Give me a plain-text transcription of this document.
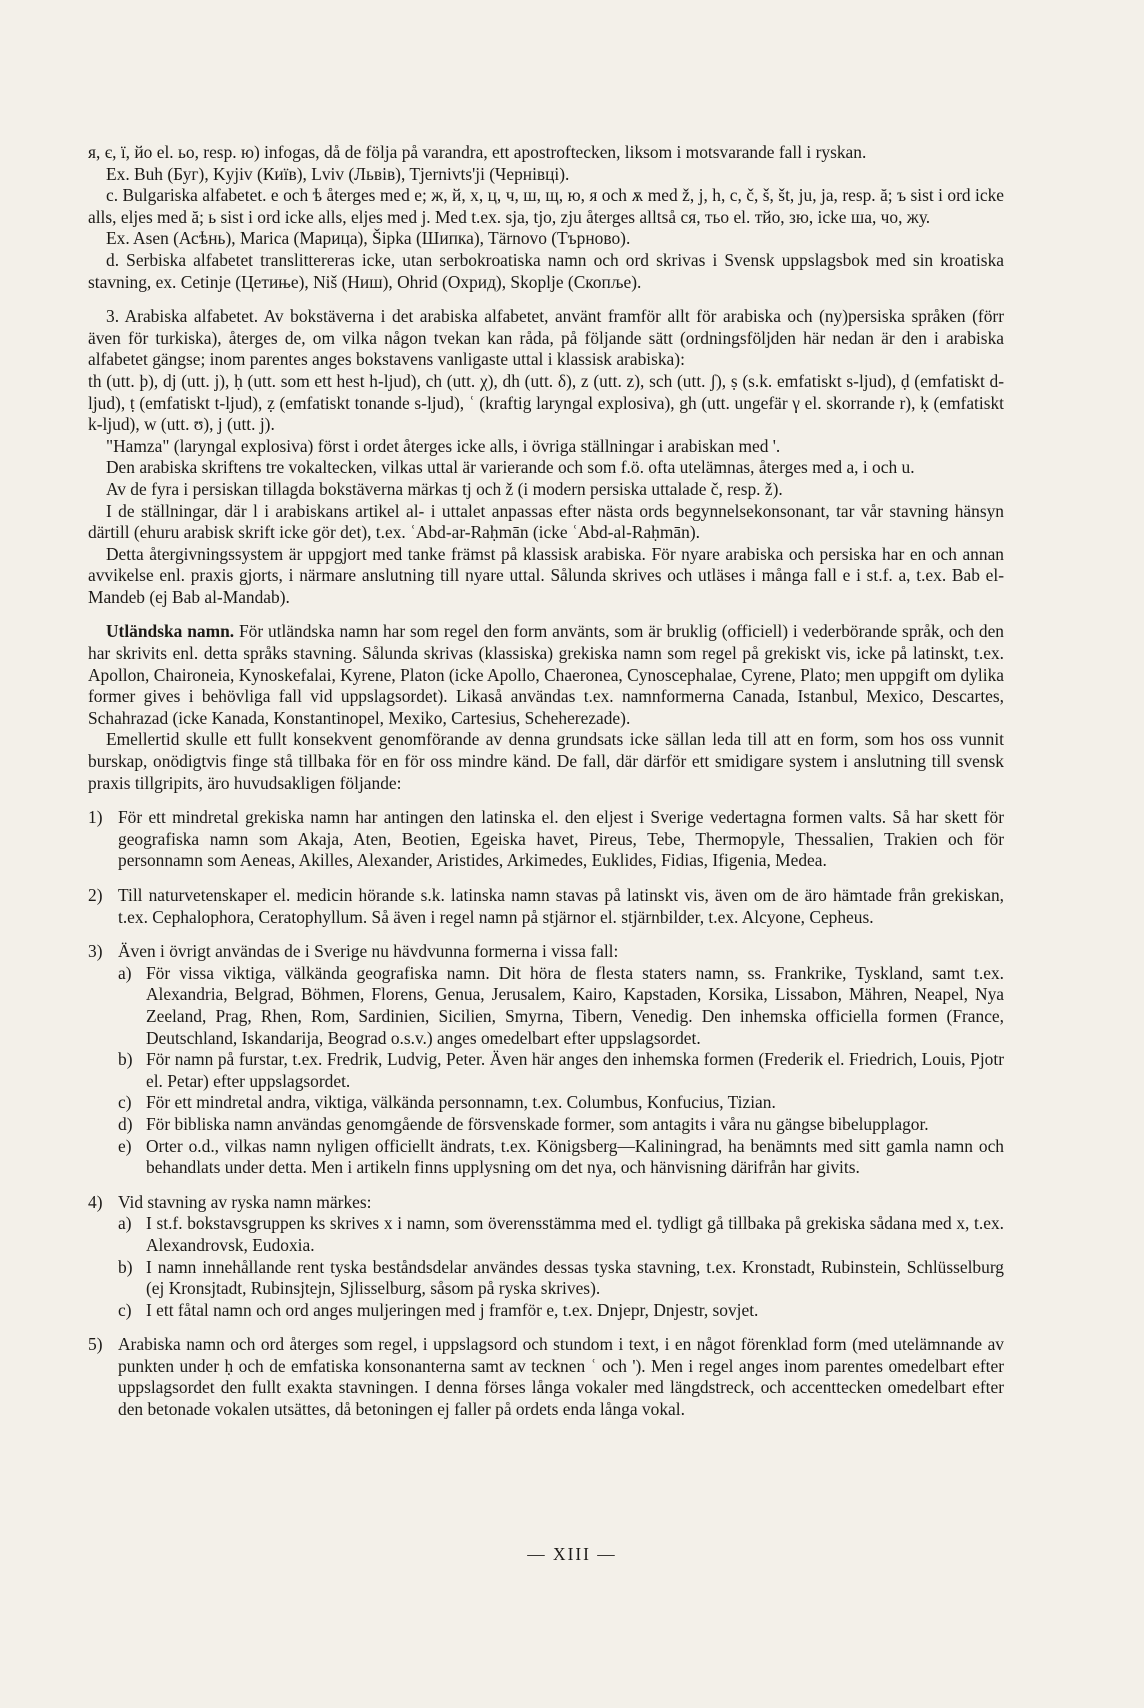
я, є, ї, йо el. ьо, resp. ю) infogas, då de följa på varandra, ett apostroftecken, liksom i motsvarande fall i ryskan.

Ex. Buh (Буг), Kyjiv (Київ), Lviv (Львів), Tjernivts'ji (Чернівці).

c. Bulgariska alfabetet. e och ѣ återges med e; ж, й, х, ц, ч, ш, щ, ю, я och ѫ med ž, j, h, c, č, š, št, ju, ja, resp. ă; ъ sist i ord icke alls, eljes med ă; ь sist i ord icke alls, eljes med j. Med t.ex. sja, tjo, zju återges alltså ся, тьо el. тйо, зю, icke ша, чо, жу.

Ex. Asen (Асѣнь), Marica (Марица), Šipka (Шипка), Tärnovo (Търново).

d. Serbiska alfabetet translittereras icke, utan serbokroatiska namn och ord skrivas i Svensk uppslagsbok med sin kroatiska stavning, ex. Cetinje (Цетиње), Niš (Ниш), Ohrid (Охрид), Skoplje (Скопље).

3. Arabiska alfabetet. Av bokstäverna i det arabiska alfabetet, använt framför allt för arabiska och (ny)persiska språken (förr även för turkiska), återges de, om vilka någon tvekan kan råda, på följande sätt (ordningsföljden här nedan är den i arabiska alfabetet gängse; inom parentes anges bokstavens vanligaste uttal i klassisk arabiska):

th (utt. þ), dj (utt. j), ḥ (utt. som ett hest h-ljud), ch (utt. χ), dh (utt. δ), z (utt. z), sch (utt. ʃ), ṣ (s.k. emfatiskt s-ljud), ḍ (emfatiskt d-ljud), ṭ (emfatiskt t-ljud), ẓ (emfatiskt tonande s-ljud), ʿ (kraftig laryngal explosiva), gh (utt. ungefär γ el. skorrande r), ḳ (emfatiskt k-ljud), w (utt. ʊ), j (utt. j).

"Hamza" (laryngal explosiva) först i ordet återges icke alls, i övriga ställningar i arabiskan med '.

Den arabiska skriftens tre vokaltecken, vilkas uttal är varierande och som f.ö. ofta utelämnas, återges med a, i och u.

Av de fyra i persiskan tillagda bokstäverna märkas tj och ž (i modern persiska uttalade č, resp. ž).

I de ställningar, där l i arabiskans artikel al- i uttalet anpassas efter nästa ords begynnelsekonsonant, tar vår stavning hänsyn därtill (ehuru arabisk skrift icke gör det), t.ex. ʿAbd-ar-Raḥmān (icke ʿAbd-al-Raḥmān).

Detta återgivningssystem är uppgjort med tanke främst på klassisk arabiska. För nyare arabiska och persiska har en och annan avvikelse enl. praxis gjorts, i närmare anslutning till nyare uttal. Sålunda skrives och utläses i många fall e i st.f. a, t.ex. Bab el-Mandeb (ej Bab al-Mandab).

Utländska namn. För utländska namn har som regel den form använts, som är bruklig (officiell) i vederbörande språk, och den har skrivits enl. detta språks stavning. Sålunda skrivas (klassiska) grekiska namn som regel på grekiskt vis, icke på latinskt, t.ex. Apollon, Chaironeia, Kynoskefalai, Kyrene, Platon (icke Apollo, Chaeronea, Cynoscephalae, Cyrene, Plato; men uppgift om dylika former gives i behövliga fall vid uppslagsordet). Likaså användas t.ex. namnformerna Canada, Istanbul, Mexico, Descartes, Schahrazad (icke Kanada, Konstantinopel, Mexiko, Cartesius, Scheherezade).

Emellertid skulle ett fullt konsekvent genomförande av denna grundsats icke sällan leda till att en form, som hos oss vunnit burskap, onödigtvis finge stå tillbaka för en för oss mindre känd. De fall, där därför ett smidigare system i anslutning till svensk praxis tillgripits, äro huvudsakligen följande:

1) För ett mindretal grekiska namn har antingen den latinska el. den eljest i Sverige vedertagna formen valts. Så har skett för geografiska namn som Akaja, Aten, Beotien, Egeiska havet, Pireus, Tebe, Thermopyle, Thessalien, Trakien och för personnamn som Aeneas, Akilles, Alexander, Aristides, Arkimedes, Euklides, Fidias, Ifigenia, Medea.

2) Till naturvetenskaper el. medicin hörande s.k. latinska namn stavas på latinskt vis, även om de äro hämtade från grekiskan, t.ex. Cephalophora, Ceratophyllum. Så även i regel namn på stjärnor el. stjärnbilder, t.ex. Alcyone, Cepheus.

3) Även i övrigt användas de i Sverige nu hävdvunna formerna i vissa fall:

a) För vissa viktiga, välkända geografiska namn. Dit höra de flesta staters namn, ss. Frankrike, Tyskland, samt t.ex. Alexandria, Belgrad, Böhmen, Florens, Genua, Jerusalem, Kairo, Kapstaden, Korsika, Lissabon, Mähren, Neapel, Nya Zeeland, Prag, Rhen, Rom, Sardinien, Sicilien, Smyrna, Tibern, Venedig. Den inhemska officiella formen (France, Deutschland, Iskandarija, Beograd o.s.v.) anges omedelbart efter uppslagsordet.

b) För namn på furstar, t.ex. Fredrik, Ludvig, Peter. Även här anges den inhemska formen (Frederik el. Friedrich, Louis, Pjotr el. Petar) efter uppslagsordet.

c) För ett mindretal andra, viktiga, välkända personnamn, t.ex. Columbus, Konfucius, Tizian.

d) För bibliska namn användas genomgående de försvenskade former, som antagits i våra nu gängse bibelupplagor.

e) Orter o.d., vilkas namn nyligen officiellt ändrats, t.ex. Königsberg—Kaliningrad, ha benämnts med sitt gamla namn och behandlats under detta. Men i artikeln finns upplysning om det nya, och hänvisning därifrån har givits.

4) Vid stavning av ryska namn märkes:

a) I st.f. bokstavsgruppen ks skrives x i namn, som överensstämma med el. tydligt gå tillbaka på grekiska sådana med x, t.ex. Alexandrovsk, Eudoxia.

b) I namn innehållande rent tyska beståndsdelar användes dessas tyska stavning, t.ex. Kronstadt, Rubinstein, Schlüsselburg (ej Kronsjtadt, Rubinsjtejn, Sjlisselburg, såsom på ryska skrives).

c) I ett fåtal namn och ord anges muljeringen med j framför e, t.ex. Dnjepr, Dnjestr, sovjet.

5) Arabiska namn och ord återges som regel, i uppslagsord och stundom i text, i en något förenklad form (med utelämnande av punkten under ḥ och de emfatiska konsonanterna samt av tecknen ʿ och '). Men i regel anges inom parentes omedelbart efter uppslagsordet den fullt exakta stavningen. I denna förses långa vokaler med längdstreck, och accenttecken omedelbart efter den betonade vokalen utsättes, då betoningen ej faller på ordets enda långa vokal.

— XIII —
